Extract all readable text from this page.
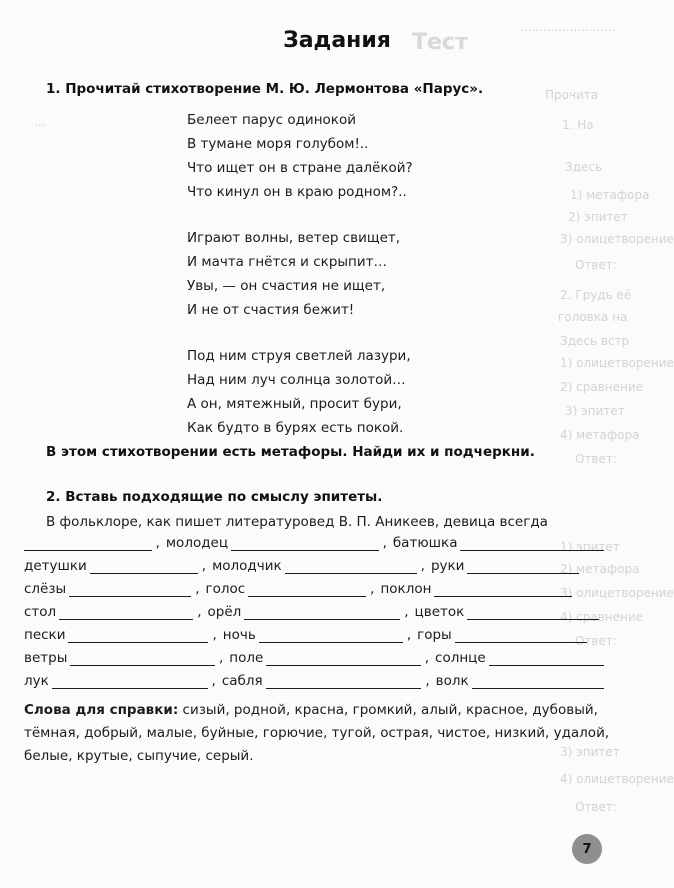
Тест
.........................
Прочита
1. На
...
Здесь
1) метафора
2) эпитет
3) олицетворение
Ответ:
2. Грудь её
головка на
Здесь встр
1) олицетворение
2) сравнение
3) эпитет
4) метафора
Ответ:
1) эпитет
2) метафора
3) олицетворение
4) сравнение
Ответ:
3) эпитет
4) олицетворение
Ответ:
Задания
1. Прочитай стихотворение М. Ю. Лермонтова «Парус».
Белеет парус одинокой
В тумане моря голубом!..
Что ищет он в стране далёкой?
Что кинул он в краю родном?..
Играют волны, ветер свищет,
И мачта гнётся и скрыпит…
Увы, — он счастия не ищет,
И не от счастия бежит!
Под ним струя светлей лазури,
Над ним луч солнца золотой…
А он, мятежный, просит бури,
Как будто в бурях есть покой.
В этом стихотворении есть метафоры. Найди их и подчеркни.
2. Вставь подходящие по смыслу эпитеты.
В фольклоре, как пишет литературовед В. П. Аникеев, девица всегда
, молодец	, батюшка
детушки	, молодчик	, руки
слёзы	, голос	, поклон
стол	, орёл	, цветок
пески	, ночь	, горы
ветры	, поле	, солнце
лук	, сабля	, волк
Слова для справки: сизый, родной, красна, громкий, алый, красное, дубовый, тёмная, добрый, малые, буйные, горючие, тугой, острая, чистое, низкий, удалой, белые, крутые, сыпучие, серый.
7
